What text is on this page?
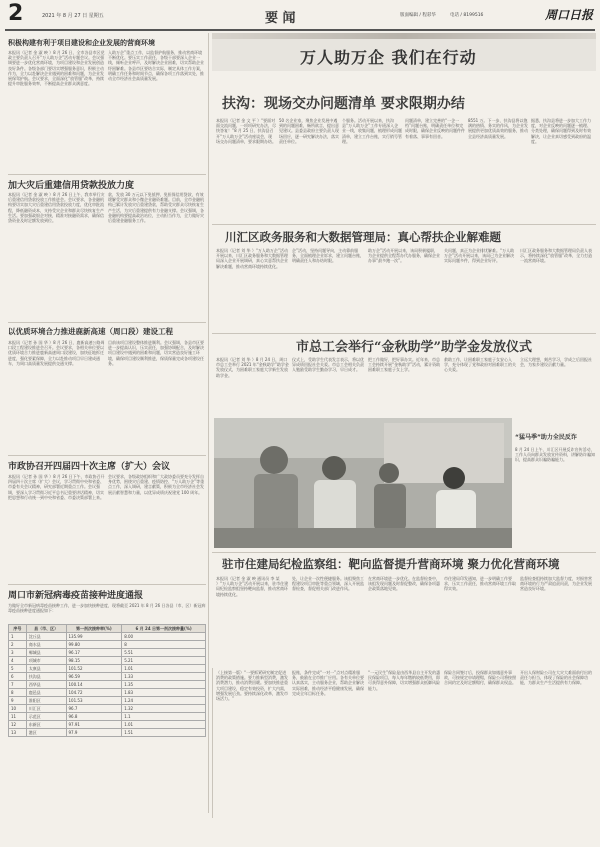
2	2021 年 8 月 27 日 星期五	要 闻	版面编辑 / 程彩华	电话 / 8199516	周口日报
积极构建有利于项目建设和企业发展的营商环境
本报讯（记者 金 淑 映 ）8 月 26 日，全市各县市区党政主要负责人召开“万人助万企”活动专题会议。会议强调要进一步优化营商环境，为项目建设和企业发展创造良好条件。各级各部门要切实增强服务意识，积极主动作为，全力以赴解决企业遇到的困难和问题，为企业发展保驾护航。会议要求，全面深化“放管服”改革，持续提升审批服务效率，不断提高企业群众满意度。
入助万企”重点工作，以监督护航服务，推动营商环境不断优化。要压实工作责任，各级干部要深入企业一线，倾听企业呼声，及时解决企业困难，切实帮助企业纾困解难。各县市区要结合实际，制定具体工作方案，明确工作任务和时间节点，确保各项工作落到实处，推动全市经济社会高质量发展。
加大灾后重建信用贷款投放力度
本报讯（记者 金 淑 映 ）8 月 26 日上午，我市举行灾后重建信用贷款投放工作推进会。会议要求，各金融机构要切实加大灾后重建信用贷款投放力度，优化审批流程，降低融资成本，支持受灾企业和群众尽快恢复生产生活。要加强政银企对接，精准对接融资需求，确保信贷资金及时足额发放到位。
款，发放 30 万元以下免抵押、免担保信用贷款，有效缓解受灾群众和小微企业融资难题。目前，全市金融机构已累计发放灾后重建贷款，帮助受灾群众尽快恢复生产生活，为灾后重建提供有力金融支撑。会议强调，各金融机构要提高政治站位，主动担当作为，全力做好灾后重建金融服务工作。
以优质环境合力推进鹿新高速（周口段）建设工程
本报讯（记者 孙 国 华 ）8 月 26 日，鹿新高速公路周口段工程建设推进会召开。会议要求，各相关单位要以优质环境合力推进鹿新高速周口段建设，加快征地拆迁进度，强化要素保障，全力以赴推动项目早日建成通车，为周口高质量发展提供交通支撑。
目前该项目建设整体推进顺利。会议强调，各县市区要进一步提高认识，压实责任，加强协调配合，及时解决项目建设中遇到的困难和问题，切实营造良好施工环境，确保项目建设顺利推进，保质保量完成各项建设任务。
市政协召开四届四十次主席（扩大）会议
本报讯（记者 孙 国 华 ）8 月 26 日下午，市政协召开四届四十次主席（扩大）会议，学习贯彻中央和省委、市委有关会议精神，研究部署近期重点工作。会议强调，要深入学习贯彻习近平总书记重要讲话精神，切实把思想和行动统一到中央和省委、市委决策部署上来。
会议要求，各级政协组织和广大政协委员要充分发挥自身优势，围绕灾后重建、疫情防控、“万人助万企”等重点工作，深入调研，建言献策，积极为全市经济社会发展贡献智慧和力量，以优异成绩庆祝建党 100 周年。
周口市新冠病毒疫苗接种进度通报
为做好全市新冠病毒疫苗接种工作，进一步加快接种进度，现将截至 2021 年 8 月 26 日各县（市、区）新冠病毒疫苗接种进度通报如下：
序号	县（市、区）	第一剂次接种率(%)	6 月 24 日第一剂次接种量(%)
1	沈丘县	135.99	8.00
2	商水县	99.80	8
3	郸城县	96.17	5.51
4	项城市	98.15	5.21
5	太康县	101.52	1.01
6	扶沟县	96.59	1.33
7	西华县	100.14	1.35
8	鹿邑县	104.72	1.83
9	淮阳区	101.53	1.24
10	川汇区	96.7	1.32
11	示范区	96.8	1.1
12	东新区	97.91	1.01
13	港区	97.9	1.51
万人助万企 我们在行动
扶沟：现场交办问题清单 要求限期办结
本报讯（记者 金 文 平 ）“要面对面交流问题，一项项研究办法，尽快答复！”8 月 25 日，扶沟县召开“万人助万企”活动座谈会，现场交办问题清单，要求限期办结。
50 名企业家，聚焦企业发展中遇到的问题困难，畅所欲言，提出意见建议。县委县政府主要负责人现场回应，逐一研究解决办法，落实责任单位。
个服务。活动开展以来，扶沟县“万人助万企”工作专班深入企业一线，收集问题，梳理形成问题清单，建立工作台账，实行销号管理。
问题清单，建立完善的“一企一档”问题台账，明确责任单位和完成时限，确保企业反映的问题件件有着落、事事有回音。
8551 万。下一步，扶沟县将以饱满的热情、务实的作风，为企业发展提供更加优质高效的服务，推动全县经济高质量发展。
据悉，扶沟县将进一步加大工作力度，对企业反映的问题逐一梳理、分类处理，确保问题得到及时有效解决，让企业真切感受到政府的温度。
川汇区政务服务和大数据管理局：真心帮扶企业解难题
本报讯（记者 刘 华 ）“万人助万企”活动开展以来，川汇区政务服务和大数据管理局深入企业开展调研，真心实意帮扶企业解决难题，推动营商环境持续优化。
企”活动，坚持问题导向，主动靠前服务，全面梳理企业诉求，建立问题台账，明确责任人和办结时限。
助万企”活动开展以来，该局积极履职，为企业提供全程帮办代办服务，确保企业办事“最多跑一次”。
关问题，真正为企业排忧解难。“万人助万企”活动开展以来，该局已为企业解决实际问题多件，得到企业好评。
川汇区政务服务和大数据管理局负责人表示，将持续深化“放管服”改革，全力打造一流营商环境。
市总工会举行“金秋助学”助学金发放仪式
本报讯（记者 刘 华 ）8 月 24 日，周口市总工会举行 2021 年“金秋助学”助学金发放仪式，为困难职工家庭大学新生发放助学金。
仪式上，受助学生代表发言表示，将以优异成绩回报社会关爱。市总工会相关负责人勉励受助学生勤奋学习，早日成才。
把工作做好，把好事办实。近年来，市总工会持续开展“金秋助学”活动，累计资助困难职工家庭子女上学。
救助工作，让困难职工家庭子女安心入学，充分体现了党和政府对困难职工的关心关爱。
立远大理想，刻苦学习，学成之后回报社会，为家乡建设贡献力量。
“猛马季”助力全民反诈
8 月 24 日上午，川汇区开展反诈宣传活动，工作人员向群众发放宣传资料，讲解防诈骗知识，提高群众识骗防骗能力。
驻市住建局纪检监察组：靶向监督提升营商环境 聚力优化营商环境
本报讯（记者 金 淑 映 通讯员 李 某 ）“万人助万企”活动开展以来，驻市住建局纪检监察组坚持靶向监督，推动营商环境持续优化。
处，让企业一次性便捷服务。该组聚焦工程建设项目审批等重点领域，深入开展监督检查，督促相关部门改进作风。
在营商环境进一步优化。在监督检查中，该组发现问题及时督促整改，确保各项惠企政策落地见效。
市住建局印发通知，进一步明确工作要求，压实工作责任，推动营商环境工作取得实效。
监督检查组持续加大监督力度，对损害营商环境的行为严肃追责问责，为企业发展营造良好环境。
（上接第一版）“一要抓紧研究制定促进消费的政策措施。要力推新型消费，激发消费潜力，推动消费回暖。要加快推进重大项目建设，稳定有效投资，扩大内需，增强发展后劲。要持续深化改革，激发市场活力。”
报账，条件完成“一对一”点对点精准服务，鼓励在全市推广应用。各有关单位要认真落实，主动服务企业，帮助企业解决实际困难，推动经济平稳健康发展，确保完成全年目标任务。
“一元民生”保险是由西华县自主开发的惠民保险项目，每人每年缴纳较低费用，即可获得意外保障，切实增强群众抵御风险能力。
保险合同签订后，投保群众如遇意外事故，可按规定申请理赔，保险公司将按照合同约定及时足额赔付，确保群众权益。
开出人保财险公司在大灾大难面前付出的责任与担当，体现了保险的社会保障功能，为群众生产生活提供有力保障。
